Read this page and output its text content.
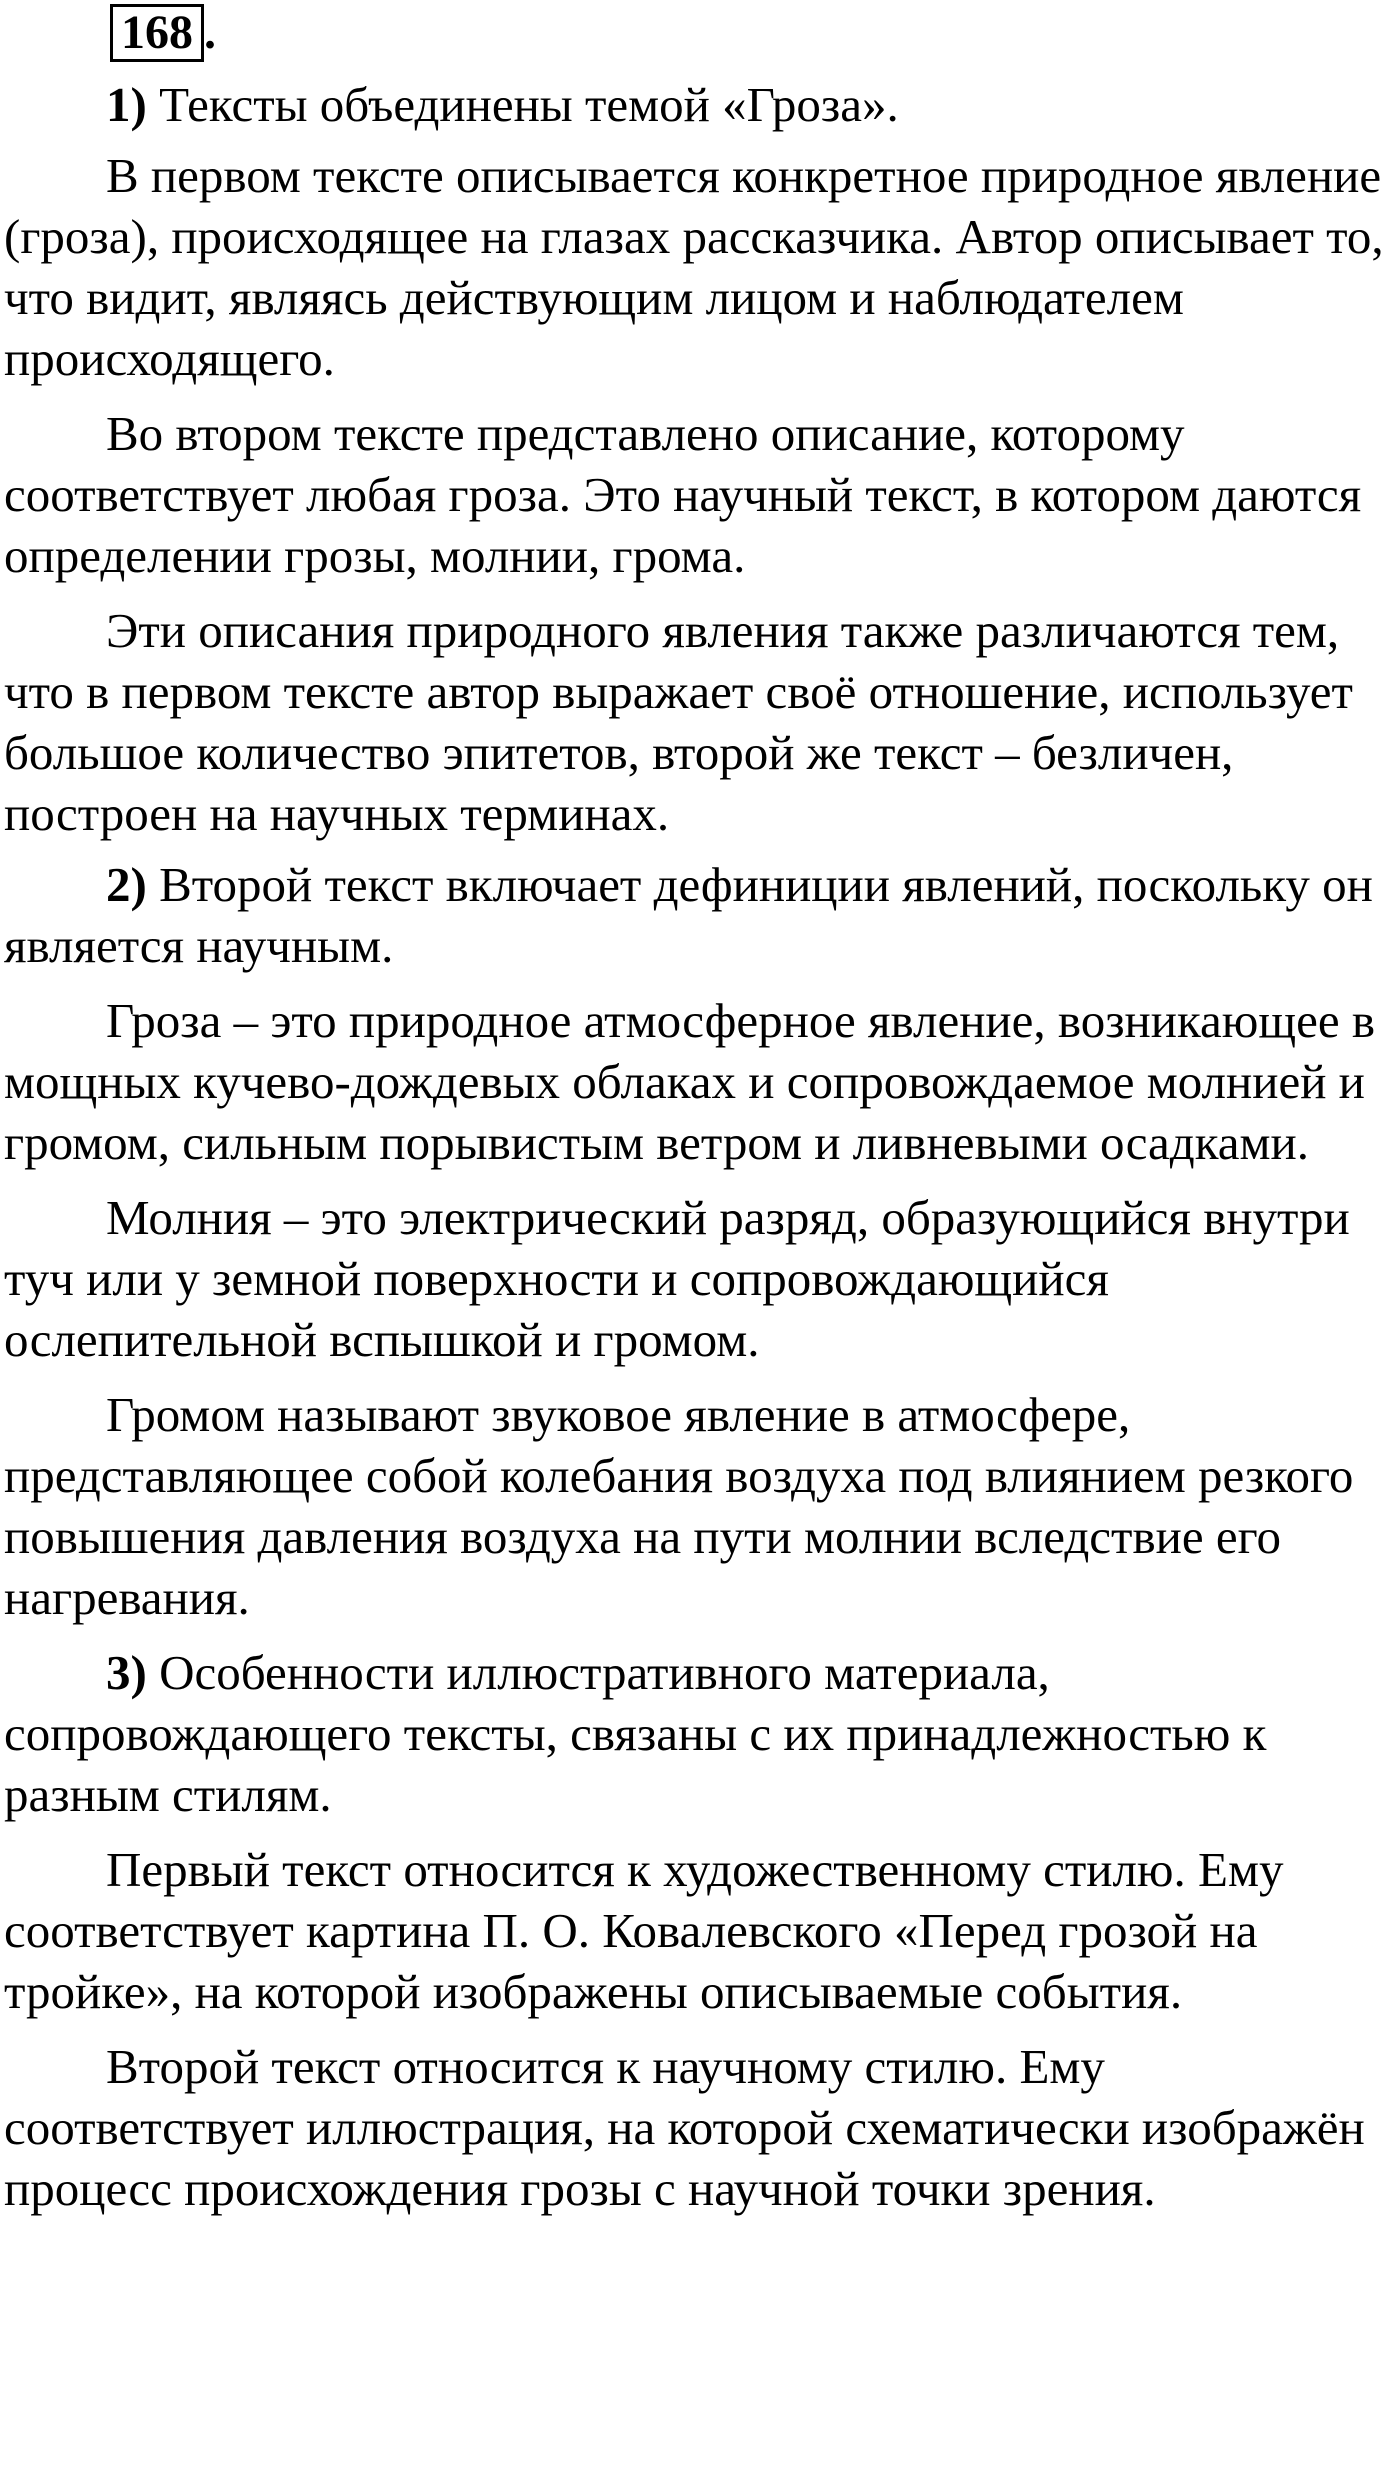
168 .

1) Тексты объединены темой «Гроза».

В первом тексте описывается конкретное природное явление (гроза), происходящее на глазах рассказчика. Автор описывает то, что видит, являясь действующим лицом и наблюдателем происходящего.

Во втором тексте представлено описание, которому соответствует любая гроза. Это научный текст, в котором даются определении грозы, молнии, грома.

Эти описания природного явления также различаются тем, что в первом тексте автор выражает своё отношение, использует большое количество эпитетов, второй же текст – безличен, построен на научных терминах.

2) Второй текст включает дефиниции явлений, поскольку он является научным.

Гроза – это природное атмосферное явление, возникающее в мощных кучево-дождевых облаках и сопровождаемое молнией и громом, сильным порывистым ветром и ливневыми осадками.

Молния – это электрический разряд, образующийся внутри туч или у земной поверхности и сопровождающийся ослепительной вспышкой и громом.

Громом называют звуковое явление в атмосфере, представляющее собой колебания воздуха под влиянием резкого повышения давления воздуха на пути молнии вследствие его нагревания.

3) Особенности иллюстративного материала, сопровождающего тексты, связаны с их принадлежностью к разным стилям.

Первый текст относится к художественному стилю. Ему соответствует картина П. О. Ковалевского «Перед грозой на тройке», на которой изображены описываемые события.

Второй текст относится к научному стилю. Ему соответствует иллюстрация, на которой схематически изображён процесс происхождения грозы с научной точки зрения.
